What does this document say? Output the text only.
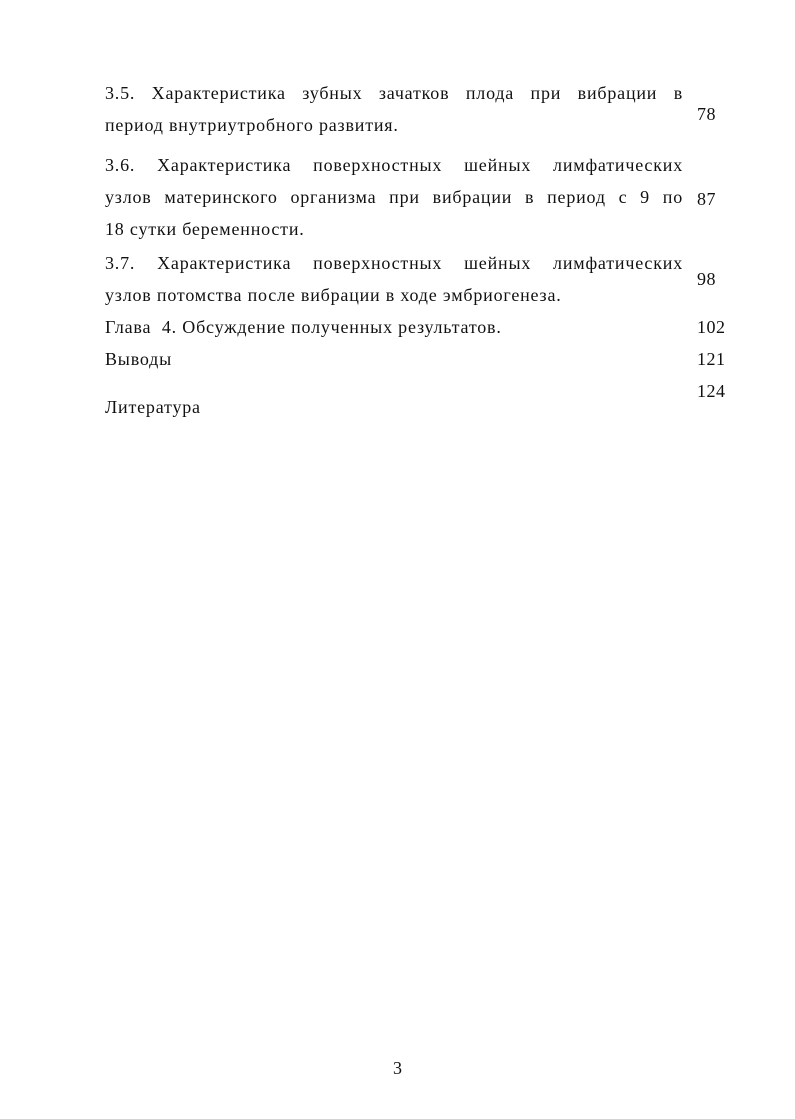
3.5. Характеристика зубных зачатков плода при вибрации в
период внутриутробного развития.
78
3.6. Характеристика поверхностных шейных лимфатических
узлов материнского организма при вибрации в период с 9 по
18 сутки беременности.
87
3.7. Характеристика поверхностных шейных лимфатических
узлов потомства после вибрации в ходе эмбриогенеза.
98
Глава  4. Обсуждение полученных результатов.	102
Выводы	121
Литература
124
3
